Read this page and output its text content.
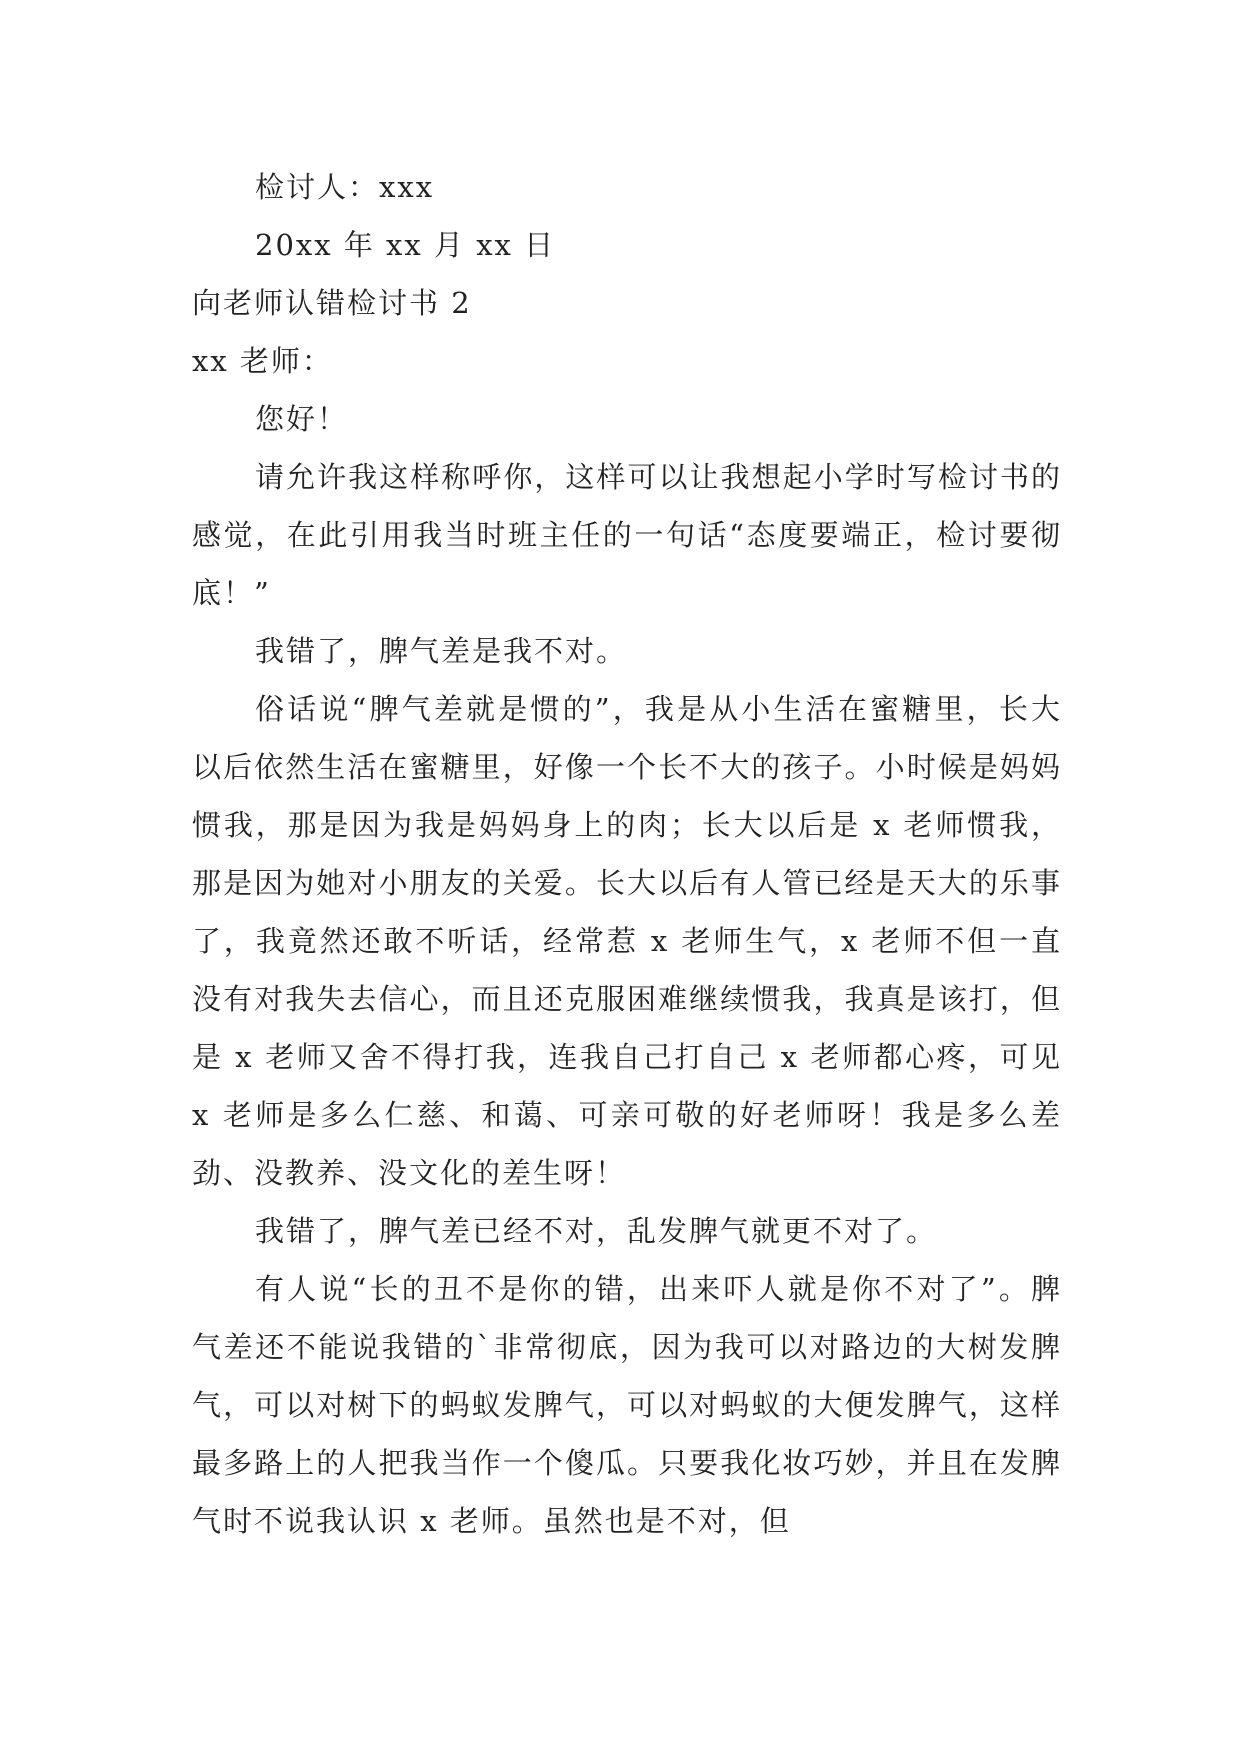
检讨人：xxx

20xx 年 xx 月 xx 日

向老师认错检讨书 2

xx 老师：

您好！

请允许我这样称呼你，这样可以让我想起小学时写检讨书的感觉，在此引用我当时班主任的一句话“态度要端正，检讨要彻底！”

我错了，脾气差是我不对。

俗话说“脾气差就是惯的”，我是从小生活在蜜糖里，长大以后依然生活在蜜糖里，好像一个长不大的孩子。小时候是妈妈惯我，那是因为我是妈妈身上的肉；长大以后是 x 老师惯我，那是因为她对小朋友的关爱。长大以后有人管已经是天大的乐事了，我竟然还敢不听话，经常惹 x 老师生气，x 老师不但一直没有对我失去信心，而且还克服困难继续惯我，我真是该打，但是 x 老师又舍不得打我，连我自己打自己 x 老师都心疼，可见 x 老师是多么仁慈、和蔼、可亲可敬的好老师呀！我是多么差劲、没教养、没文化的差生呀！

我错了，脾气差已经不对，乱发脾气就更不对了。

有人说“长的丑不是你的错，出来吓人就是你不对了”。脾气差还不能说我错的`非常彻底，因为我可以对路边的大树发脾气，可以对树下的蚂蚁发脾气，可以对蚂蚁的大便发脾气，这样最多路上的人把我当作一个傻瓜。只要我化妆巧妙，并且在发脾气时不说我认识 x 老师。虽然也是不对，但
